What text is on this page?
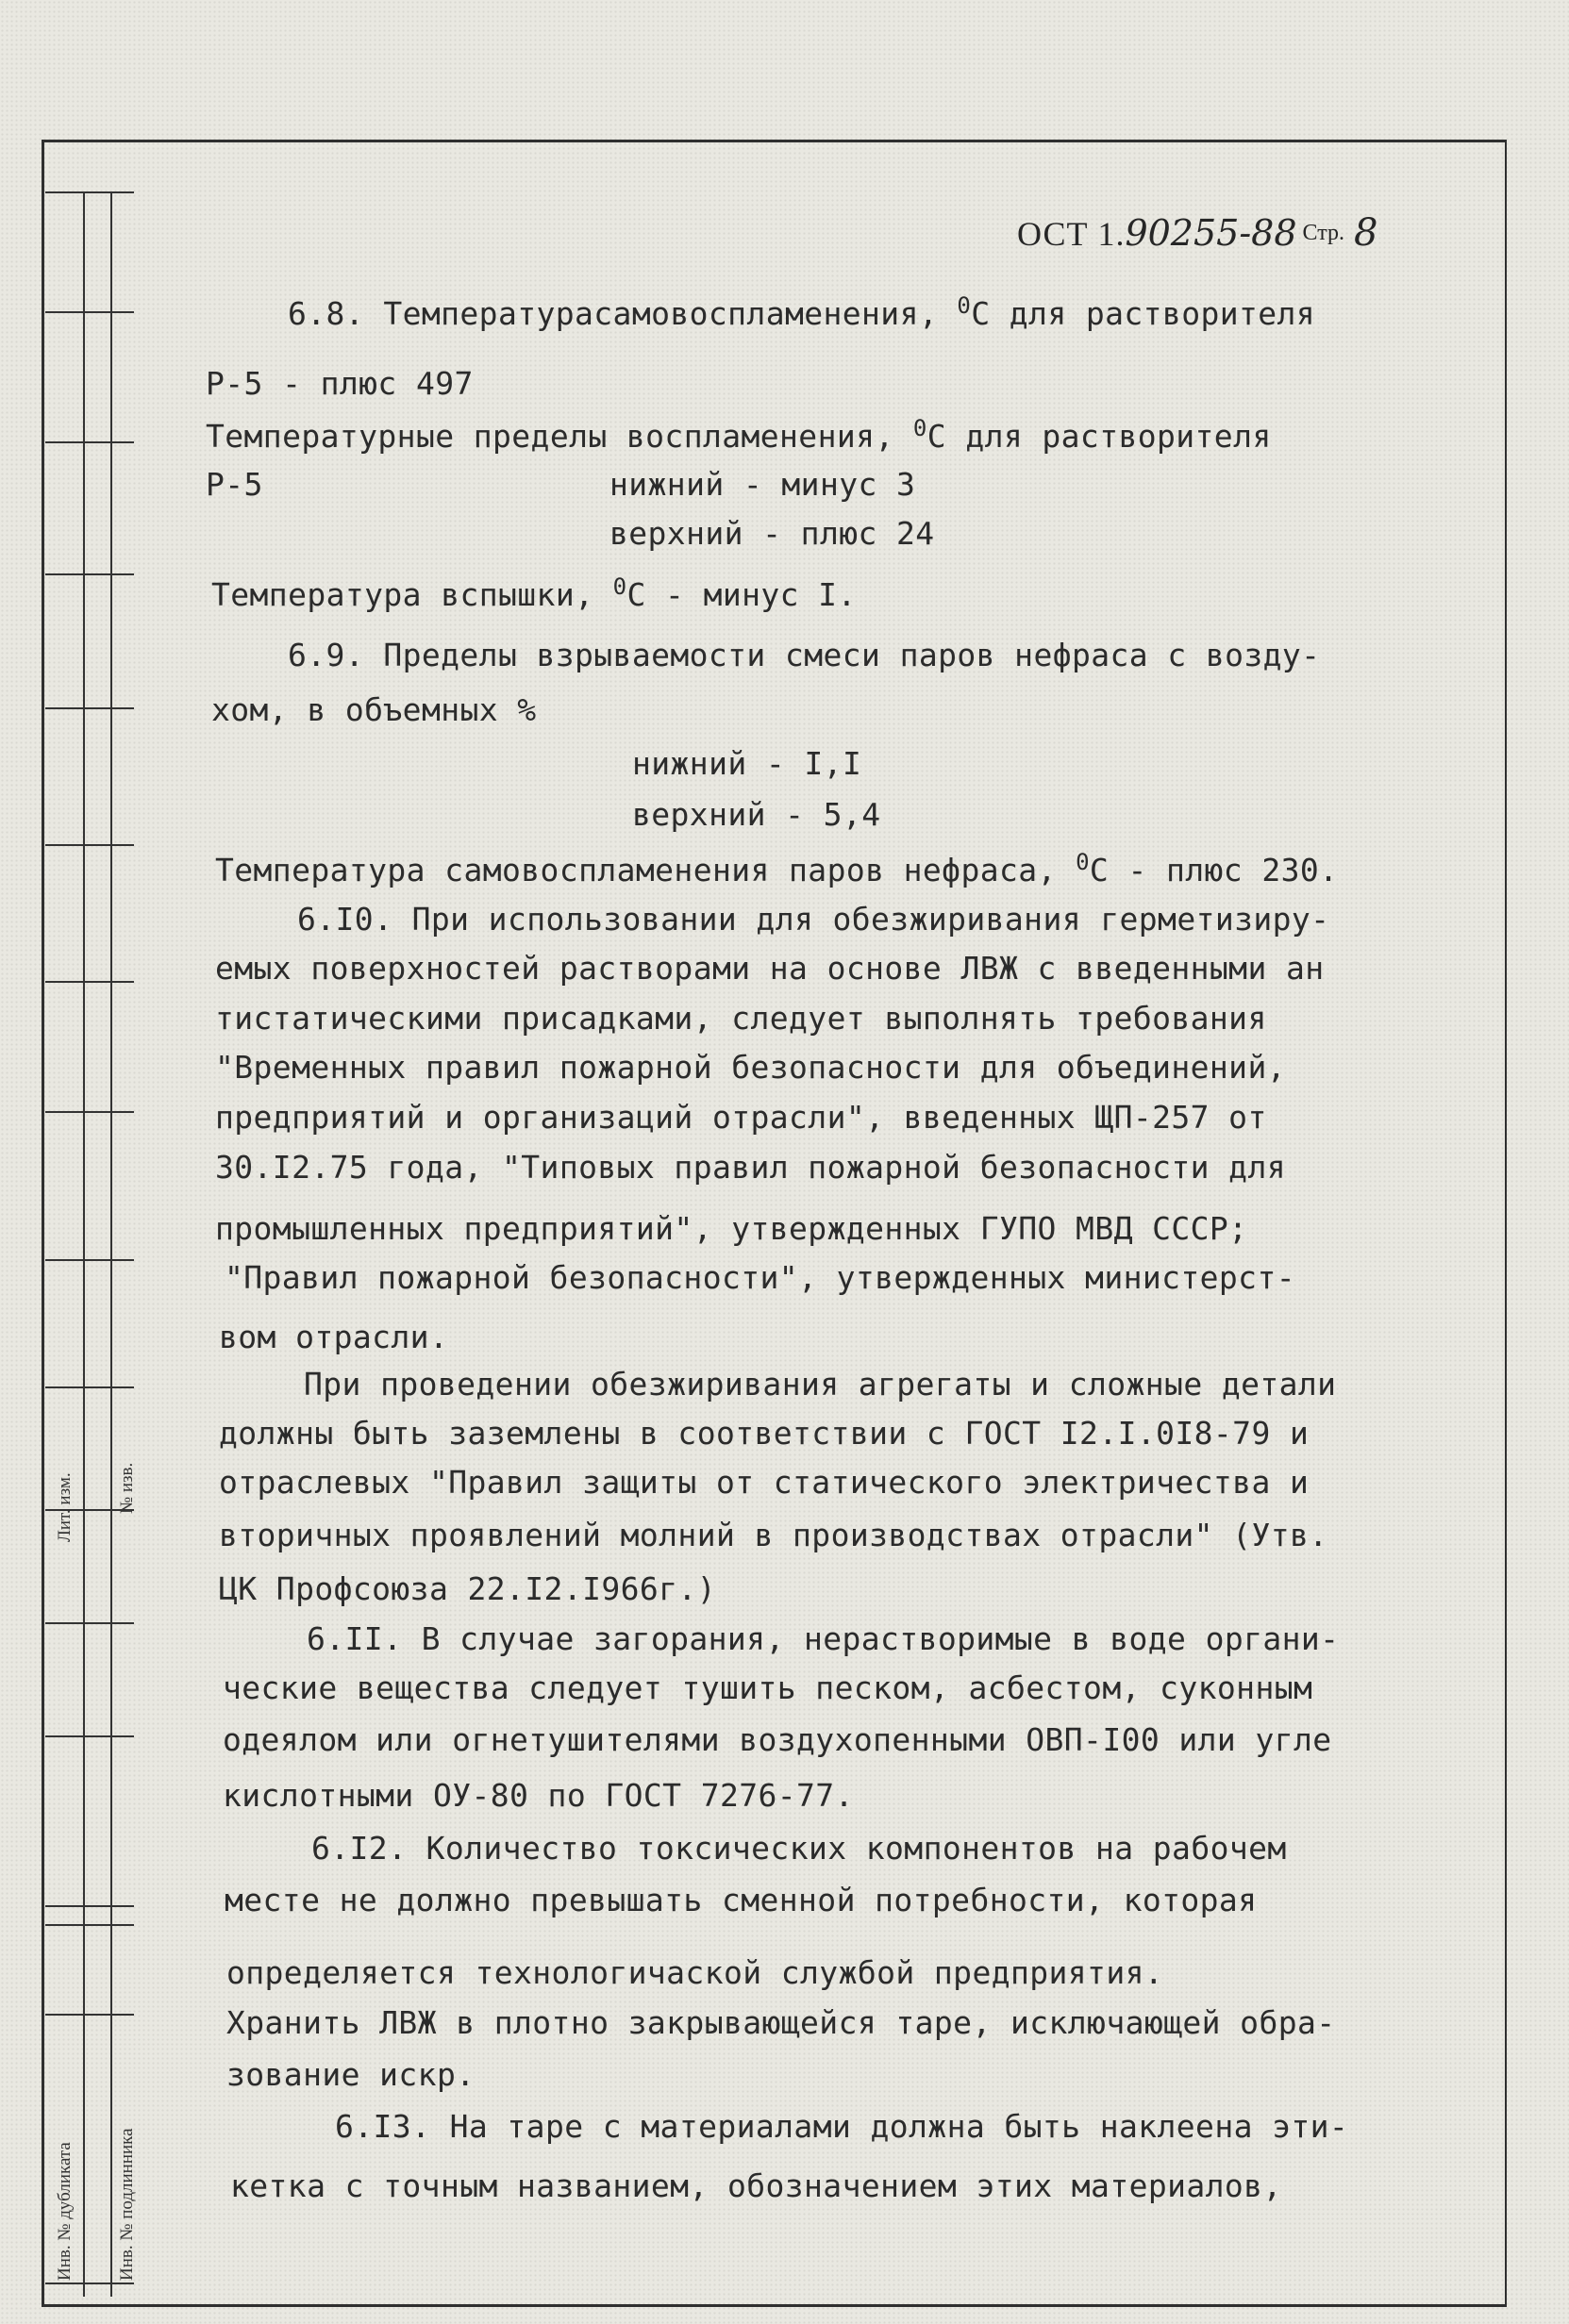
Лит. изм. № изв.
Инв. № дубликата Инв. № подлинника
ОСТ 1.90255-88 Стр. 8
6.8. Температурасамовоспламенения, $^0$С для растворителя
Р-5 - плюс 497
Температурные пределы воспламенения, $^0$С для растворителя
Р-5	нижний - минус 3
верхний - плюс 24
Температура вспышки, $^0$С - минус I.
6.9. Пределы взрываемости смеси паров нефраса с возду-
хом, в объемных %
нижний - I,I
верхний - 5,4
Температура самовоспламенения паров нефраса, $^0$С - плюс 230.
6.I0. При использовании для обезжиривания герметизиру-
емых поверхностей растворами на основе ЛВЖ с введенными ан
тистатическими присадками, следует выполнять требования
"Временных правил пожарной безопасности для объединений,
предприятий и организаций отрасли", введенных ЩП-257 от
30.I2.75 года, "Типовых правил пожарной безопасности для
промышленных предприятий", утвержденных ГУПО МВД СССР;
"Правил пожарной безопасности", утвержденных министерст-
вом отрасли.
При проведении обезжиривания агрегаты и сложные детали
должны быть заземлены в соответствии с ГОСТ I2.I.0I8-79 и
отраслевых "Правил защиты от статического электричества и
вторичных проявлений молний в производствах отрасли" (Утв.
ЦК Профсоюза 22.I2.I966г.)
6.II. В случае загорания, нерастворимые в воде органи-
ческие вещества следует тушить песком, асбестом, суконным
одеялом или огнетушителями воздухопенными ОВП-I00 или угле
кислотными ОУ-80 по ГОСТ 7276-77.
6.I2. Количество токсических компонентов на рабочем
месте не должно превышать сменной потребности, которая
определяется технологичаской службой предприятия.
Хранить ЛВЖ в плотно закрывающейся таре, исключающей обра-
зование искр.
6.I3. На таре с материалами должна быть наклеена эти-
кетка с точным названием, обозначением этих материалов,
